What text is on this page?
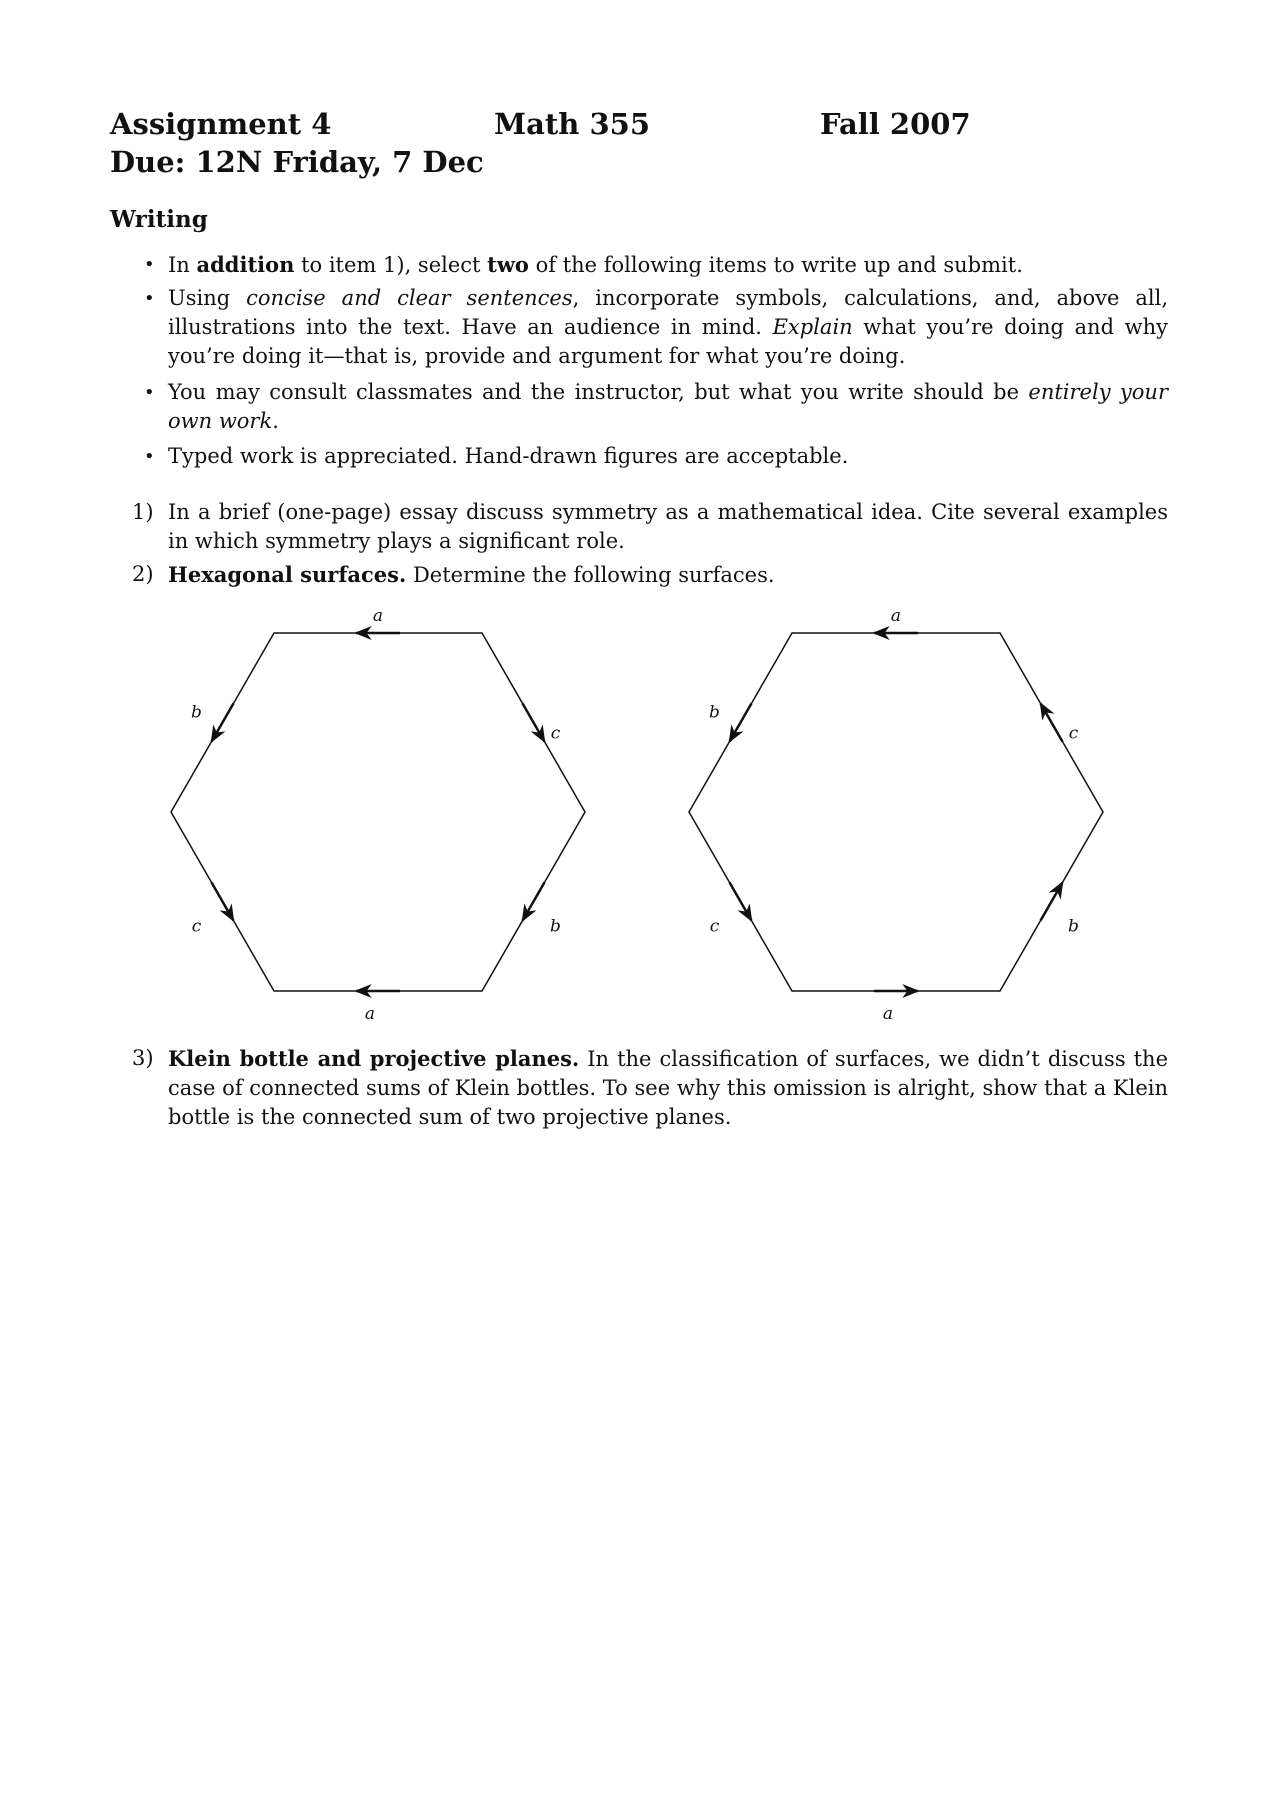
Assignment 4	Math 355	Fall 2007
Due: 12N Friday, 7 Dec
Writing
• In addition to item 1), select two of the following items to write up and submit.
• Using concise and clear sentences, incorporate symbols, calculations, and, above all, illustrations into the text. Have an audience in mind. Explain what you’re doing and why you’re doing it—that is, provide and argument for what you’re doing.
• You may consult classmates and the instructor, but what you write should be entirely your own work.
• Typed work is appreciated. Hand-drawn figures are acceptable.
1) In a brief (one-page) essay discuss symmetry as a mathematical idea. Cite several examples in which symmetry plays a significant role.
2) Hexagonal surfaces. Determine the following surfaces.
a
b
c
c	b
a
a
b
c
c	b
a
3) Klein bottle and projective planes. In the classification of surfaces, we didn’t discuss the case of connected sums of Klein bottles. To see why this omission is alright, show that a Klein bottle is the connected sum of two projective planes.
